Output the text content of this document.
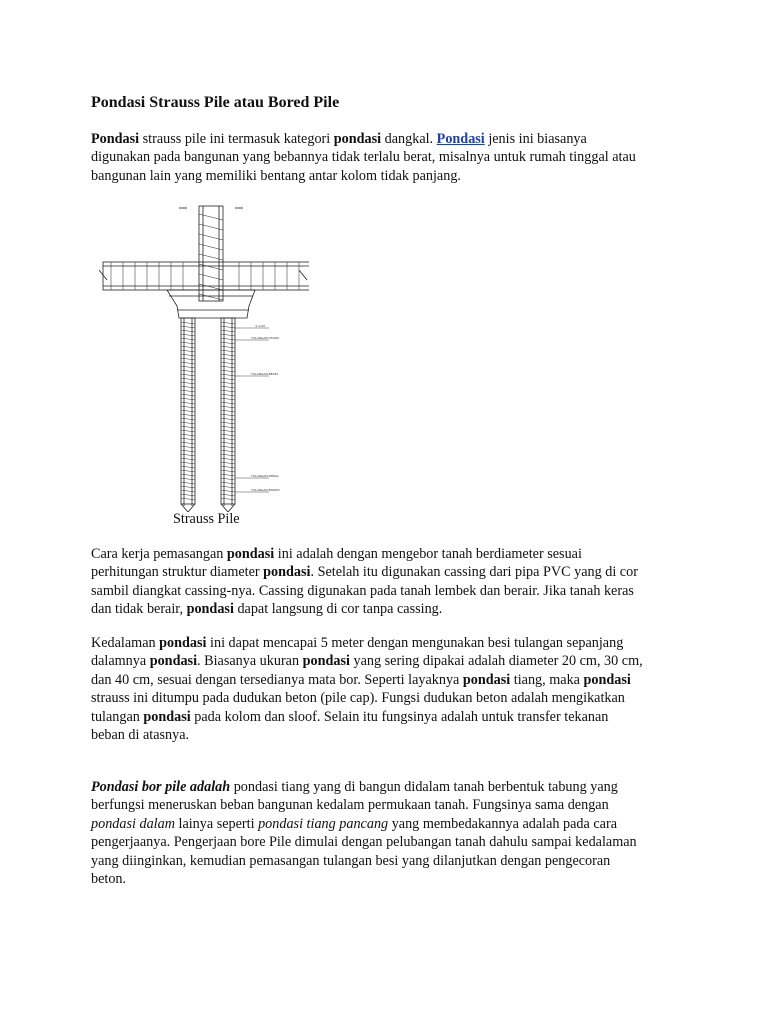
Pondasi Strauss Pile atau Bored Pile

Pondasi strauss pile ini termasuk kategori pondasi dangkal. Pondasi jenis ini biasanya
digunakan pada bangunan yang bebannya tidak terlalu berat, misalnya untuk rumah tinggal atau
bangunan lain yang memiliki bentang antar kolom tidak panjang.

± 0.00
TULANGAN UTAMA
TULANGAN BEGEL
TULANGAN SPIRAL
TULANGAN BAWAH
Strauss Pile

Cara kerja pemasangan pondasi ini adalah dengan mengebor tanah berdiameter sesuai
perhitungan struktur diameter pondasi. Setelah itu digunakan cassing dari pipa PVC yang di cor
sambil diangkat cassing-nya. Cassing digunakan pada tanah lembek dan berair. Jika tanah keras
dan tidak berair, pondasi dapat langsung di cor tanpa cassing.

Kedalaman pondasi ini dapat mencapai 5 meter dengan mengunakan besi tulangan sepanjang
dalamnya pondasi. Biasanya ukuran pondasi yang sering dipakai adalah diameter 20 cm, 30 cm,
dan 40 cm, sesuai dengan tersedianya mata bor. Seperti layaknya pondasi tiang, maka pondasi
strauss ini ditumpu pada dudukan beton (pile cap). Fungsi dudukan beton adalah mengikatkan
tulangan pondasi pada kolom dan sloof. Selain itu fungsinya adalah untuk transfer tekanan
beban di atasnya.

Pondasi bor pile adalah pondasi tiang yang di bangun didalam tanah berbentuk tabung yang
berfungsi meneruskan beban bangunan kedalam permukaan tanah. Fungsinya sama dengan
pondasi dalam lainya seperti pondasi tiang pancang yang membedakannya adalah pada cara
pengerjaanya. Pengerjaan bore Pile dimulai dengan pelubangan tanah dahulu sampai kedalaman
yang diinginkan, kemudian pemasangan tulangan besi yang dilanjutkan dengan pengecoran
beton.
